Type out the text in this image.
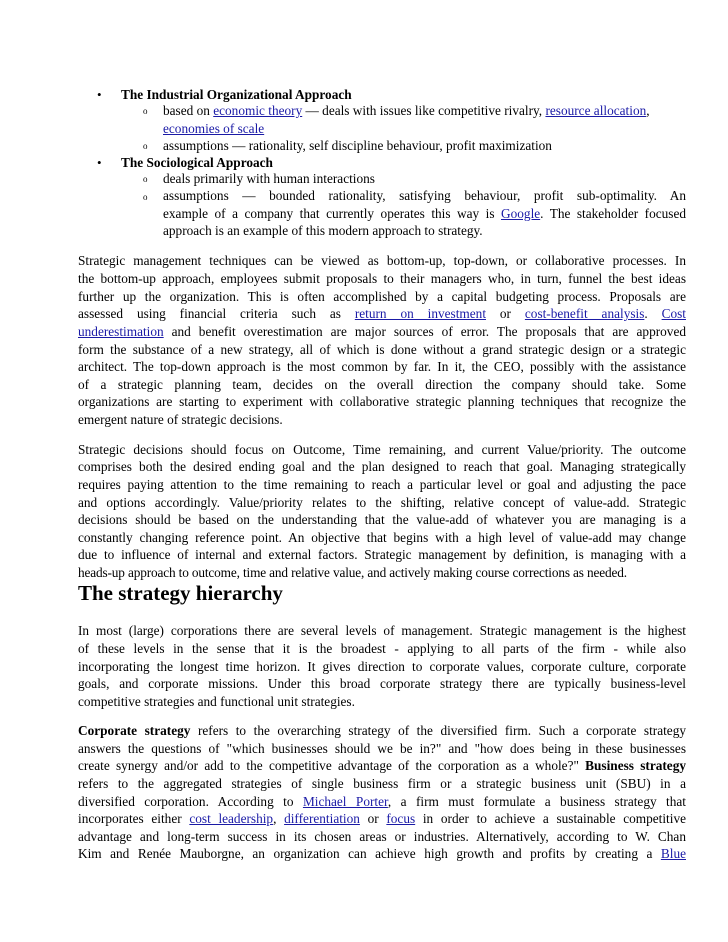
• The Industrial Organizational Approach
o based on economic theory — deals with issues like competitive rivalry, resource allocation,
economies of scale
o assumptions — rationality, self discipline behaviour, profit maximization
• The Sociological Approach
o deals primarily with human interactions
o assumptions — bounded rationality, satisfying behaviour, profit sub-optimality. An
example of a company that currently operates this way is Google. The stakeholder focused
approach is an example of this modern approach to strategy.
Strategic management techniques can be viewed as bottom-up, top-down, or collaborative processes. In
the bottom-up approach, employees submit proposals to their managers who, in turn, funnel the best ideas
further up the organization. This is often accomplished by a capital budgeting process. Proposals are
assessed using financial criteria such as return on investment or cost-benefit analysis. Cost
underestimation and benefit overestimation are major sources of error. The proposals that are approved
form the substance of a new strategy, all of which is done without a grand strategic design or a strategic
architect. The top-down approach is the most common by far. In it, the CEO, possibly with the assistance
of a strategic planning team, decides on the overall direction the company should take. Some
organizations are starting to experiment with collaborative strategic planning techniques that recognize the
emergent nature of strategic decisions.
Strategic decisions should focus on Outcome, Time remaining, and current Value/priority. The outcome
comprises both the desired ending goal and the plan designed to reach that goal. Managing strategically
requires paying attention to the time remaining to reach a particular level or goal and adjusting the pace
and options accordingly. Value/priority relates to the shifting, relative concept of value-add. Strategic
decisions should be based on the understanding that the value-add of whatever you are managing is a
constantly changing reference point. An objective that begins with a high level of value-add may change
due to influence of internal and external factors. Strategic management by definition, is managing with a
heads-up approach to outcome, time and relative value, and actively making course corrections as needed.
The strategy hierarchy
In most (large) corporations there are several levels of management. Strategic management is the highest
of these levels in the sense that it is the broadest - applying to all parts of the firm - while also
incorporating the longest time horizon. It gives direction to corporate values, corporate culture, corporate
goals, and corporate missions. Under this broad corporate strategy there are typically business-level
competitive strategies and functional unit strategies.
Corporate strategy refers to the overarching strategy of the diversified firm. Such a corporate strategy
answers the questions of "which businesses should we be in?" and "how does being in these businesses
create synergy and/or add to the competitive advantage of the corporation as a whole?" Business strategy
refers to the aggregated strategies of single business firm or a strategic business unit (SBU) in a
diversified corporation. According to Michael Porter, a firm must formulate a business strategy that
incorporates either cost leadership, differentiation or focus in order to achieve a sustainable competitive
advantage and long-term success in its chosen areas or industries. Alternatively, according to W. Chan
Kim and Renée Mauborgne, an organization can achieve high growth and profits by creating a Blue
